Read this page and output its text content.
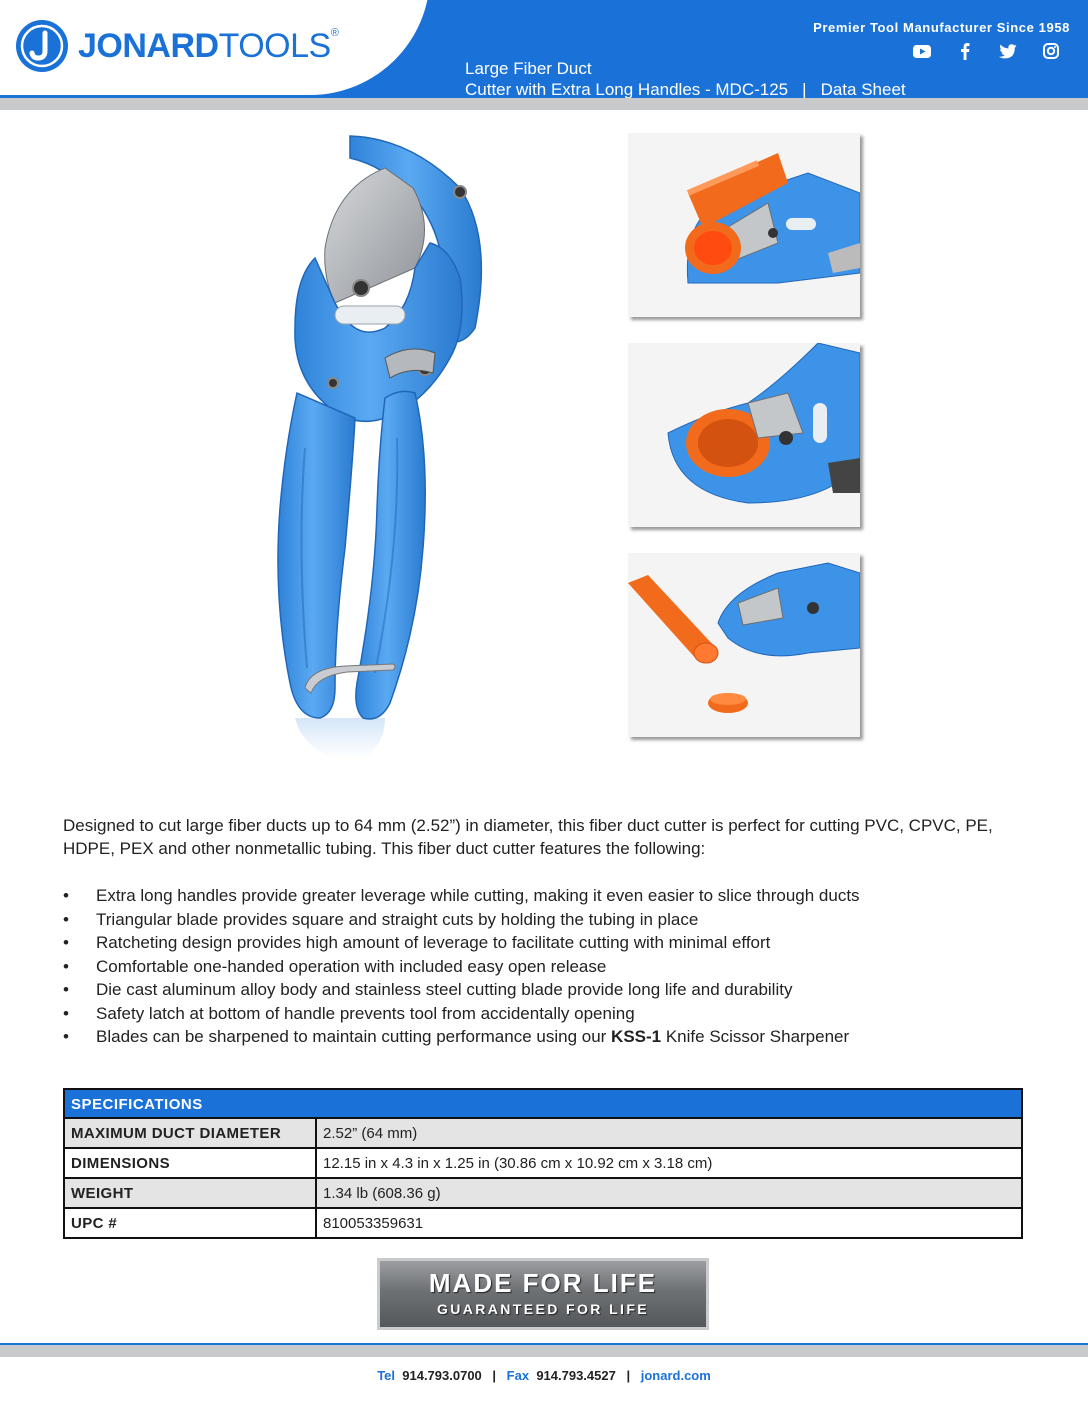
JONARDTOOLS®	Premier Tool Manufacturer Since 1958
Large Fiber Duct
Cutter with Extra Long Handles - MDC-125 | Data Sheet
Designed to cut large fiber ducts up to 64 mm (2.52”) in diameter, this fiber duct cutter is perfect for cutting PVC, CPVC, PE, HDPE, PEX and other nonmetallic tubing. This fiber duct cutter features the following:
• Extra long handles provide greater leverage while cutting, making it even easier to slice through ducts
• Triangular blade provides square and straight cuts by holding the tubing in place
• Ratcheting design provides high amount of leverage to facilitate cutting with minimal effort
• Comfortable one-handed operation with included easy open release
• Die cast aluminum alloy body and stainless steel cutting blade provide long life and durability
• Safety latch at bottom of handle prevents tool from accidentally opening
• Blades can be sharpened to maintain cutting performance using our KSS-1 Knife Scissor Sharpener
SPECIFICATIONS
MAXIMUM DUCT DIAMETER	2.52” (64 mm)
DIMENSIONS	12.15 in x 4.3 in x 1.25 in (30.86 cm x 10.92 cm x 3.18 cm)
WEIGHT	1.34 lb (608.36 g)
UPC #	810053359631
MADE FOR LIFE
GUARANTEED FOR LIFE
Tel 914.793.0700 | Fax 914.793.4527 | jonard.com
